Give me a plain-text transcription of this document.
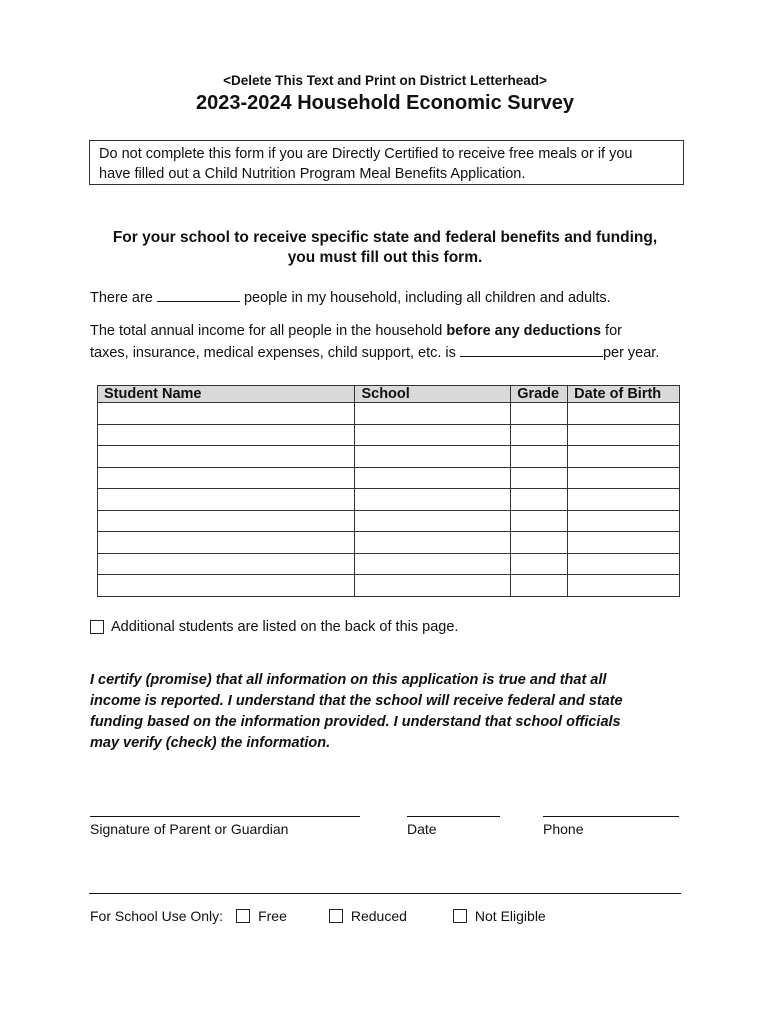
<Delete This Text and Print on District Letterhead>
2023-2024 Household Economic Survey
Do not complete this form if you are Directly Certified to receive free meals or if you
have filled out a Child Nutrition Program Meal Benefits Application.
For your school to receive specific state and federal benefits and funding,
you must fill out this form.
There are	people in my household, including all children and adults.
The total annual income for all people in the household before any deductions for
taxes, insurance, medical expenses, child support, etc. is	per year.
Student Name	School	Grade	Date of Birth

Additional students are listed on the back of this page.
I certify (promise) that all information on this application is true and that all
income is reported. I understand that the school will receive federal and state
funding based on the information provided. I understand that school officials
may verify (check) the information.
Signature of Parent or Guardian	Date	Phone
For School Use Only:	Free	Reduced	Not Eligible
